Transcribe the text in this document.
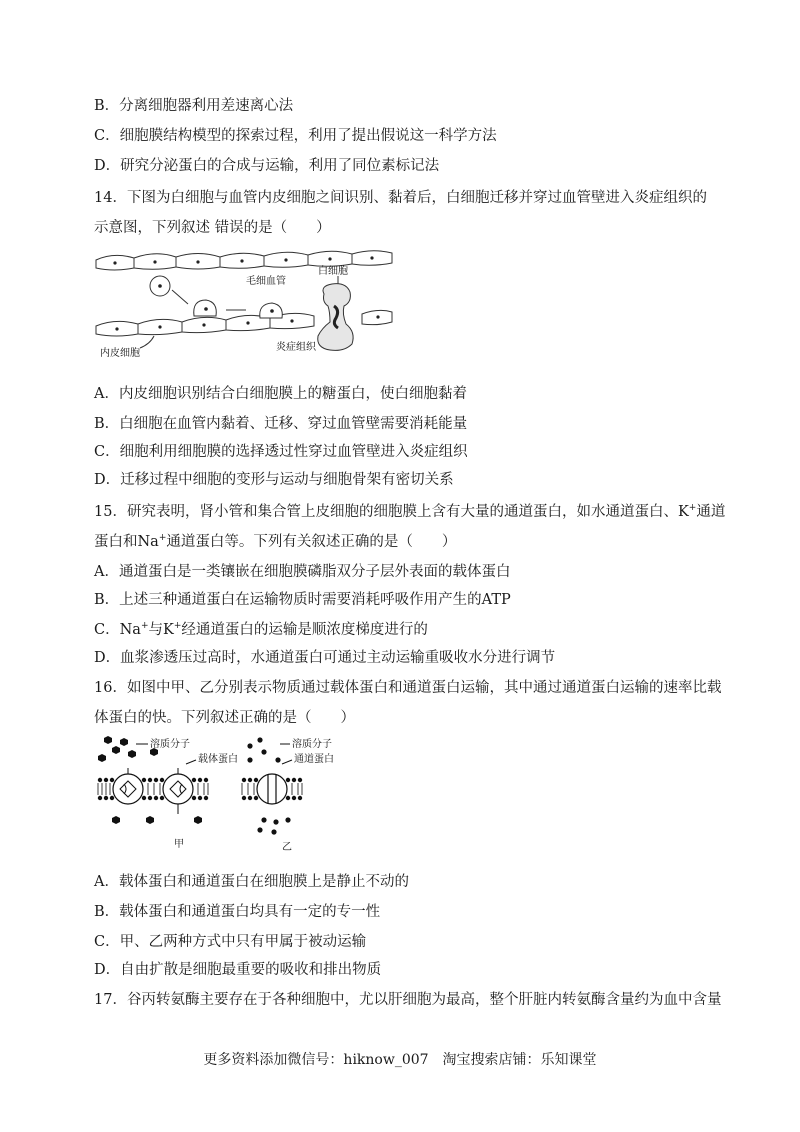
B．分离细胞器利用差速离心法

C．细胞膜结构模型的探索过程，利用了提出假说这一科学方法

D．研究分泌蛋白的合成与运输，利用了同位素标记法

14．下图为白细胞与血管内皮细胞之间识别、黏着后，白细胞迁移并穿过血管壁进入炎症组织的

示意图，下列叙述 错误的是（　　）

毛细血管
白细胞
内皮细胞
炎症组织

A．内皮细胞识别结合白细胞膜上的糖蛋白，使白细胞黏着

B．白细胞在血管内黏着、迁移、穿过血管壁需要消耗能量

C．细胞利用细胞膜的选择透过性穿过血管壁进入炎症组织

D．迁移过程中细胞的变形与运动与细胞骨架有密切关系

15．研究表明，肾小管和集合管上皮细胞的细胞膜上含有大量的通道蛋白，如水通道蛋白、K+通道

蛋白和Na+通道蛋白等。下列有关叙述正确的是（　　）

A．通道蛋白是一类镶嵌在细胞膜磷脂双分子层外表面的载体蛋白

B．上述三种通道蛋白在运输物质时需要消耗呼吸作用产生的ATP

C．Na+与K+经通道蛋白的运输是顺浓度梯度进行的

D．血浆渗透压过高时，水通道蛋白可通过主动运输重吸收水分进行调节

16．如图中甲、乙分别表示物质通过载体蛋白和通道蛋白运输，其中通过通道蛋白运输的速率比载

体蛋白的快。下列叙述正确的是（　　）

溶质分子
载体蛋白
溶质分子
通道蛋白
甲	乙

A．载体蛋白和通道蛋白在细胞膜上是静止不动的

B．载体蛋白和通道蛋白均具有一定的专一性

C．甲、乙两种方式中只有甲属于被动运输

D．自由扩散是细胞最重要的吸收和排出物质

17．谷丙转氨酶主要存在于各种细胞中，尤以肝细胞为最高，整个肝脏内转氨酶含量约为血中含量

更多资料添加微信号：hiknow_007　淘宝搜索店铺：乐知课堂
